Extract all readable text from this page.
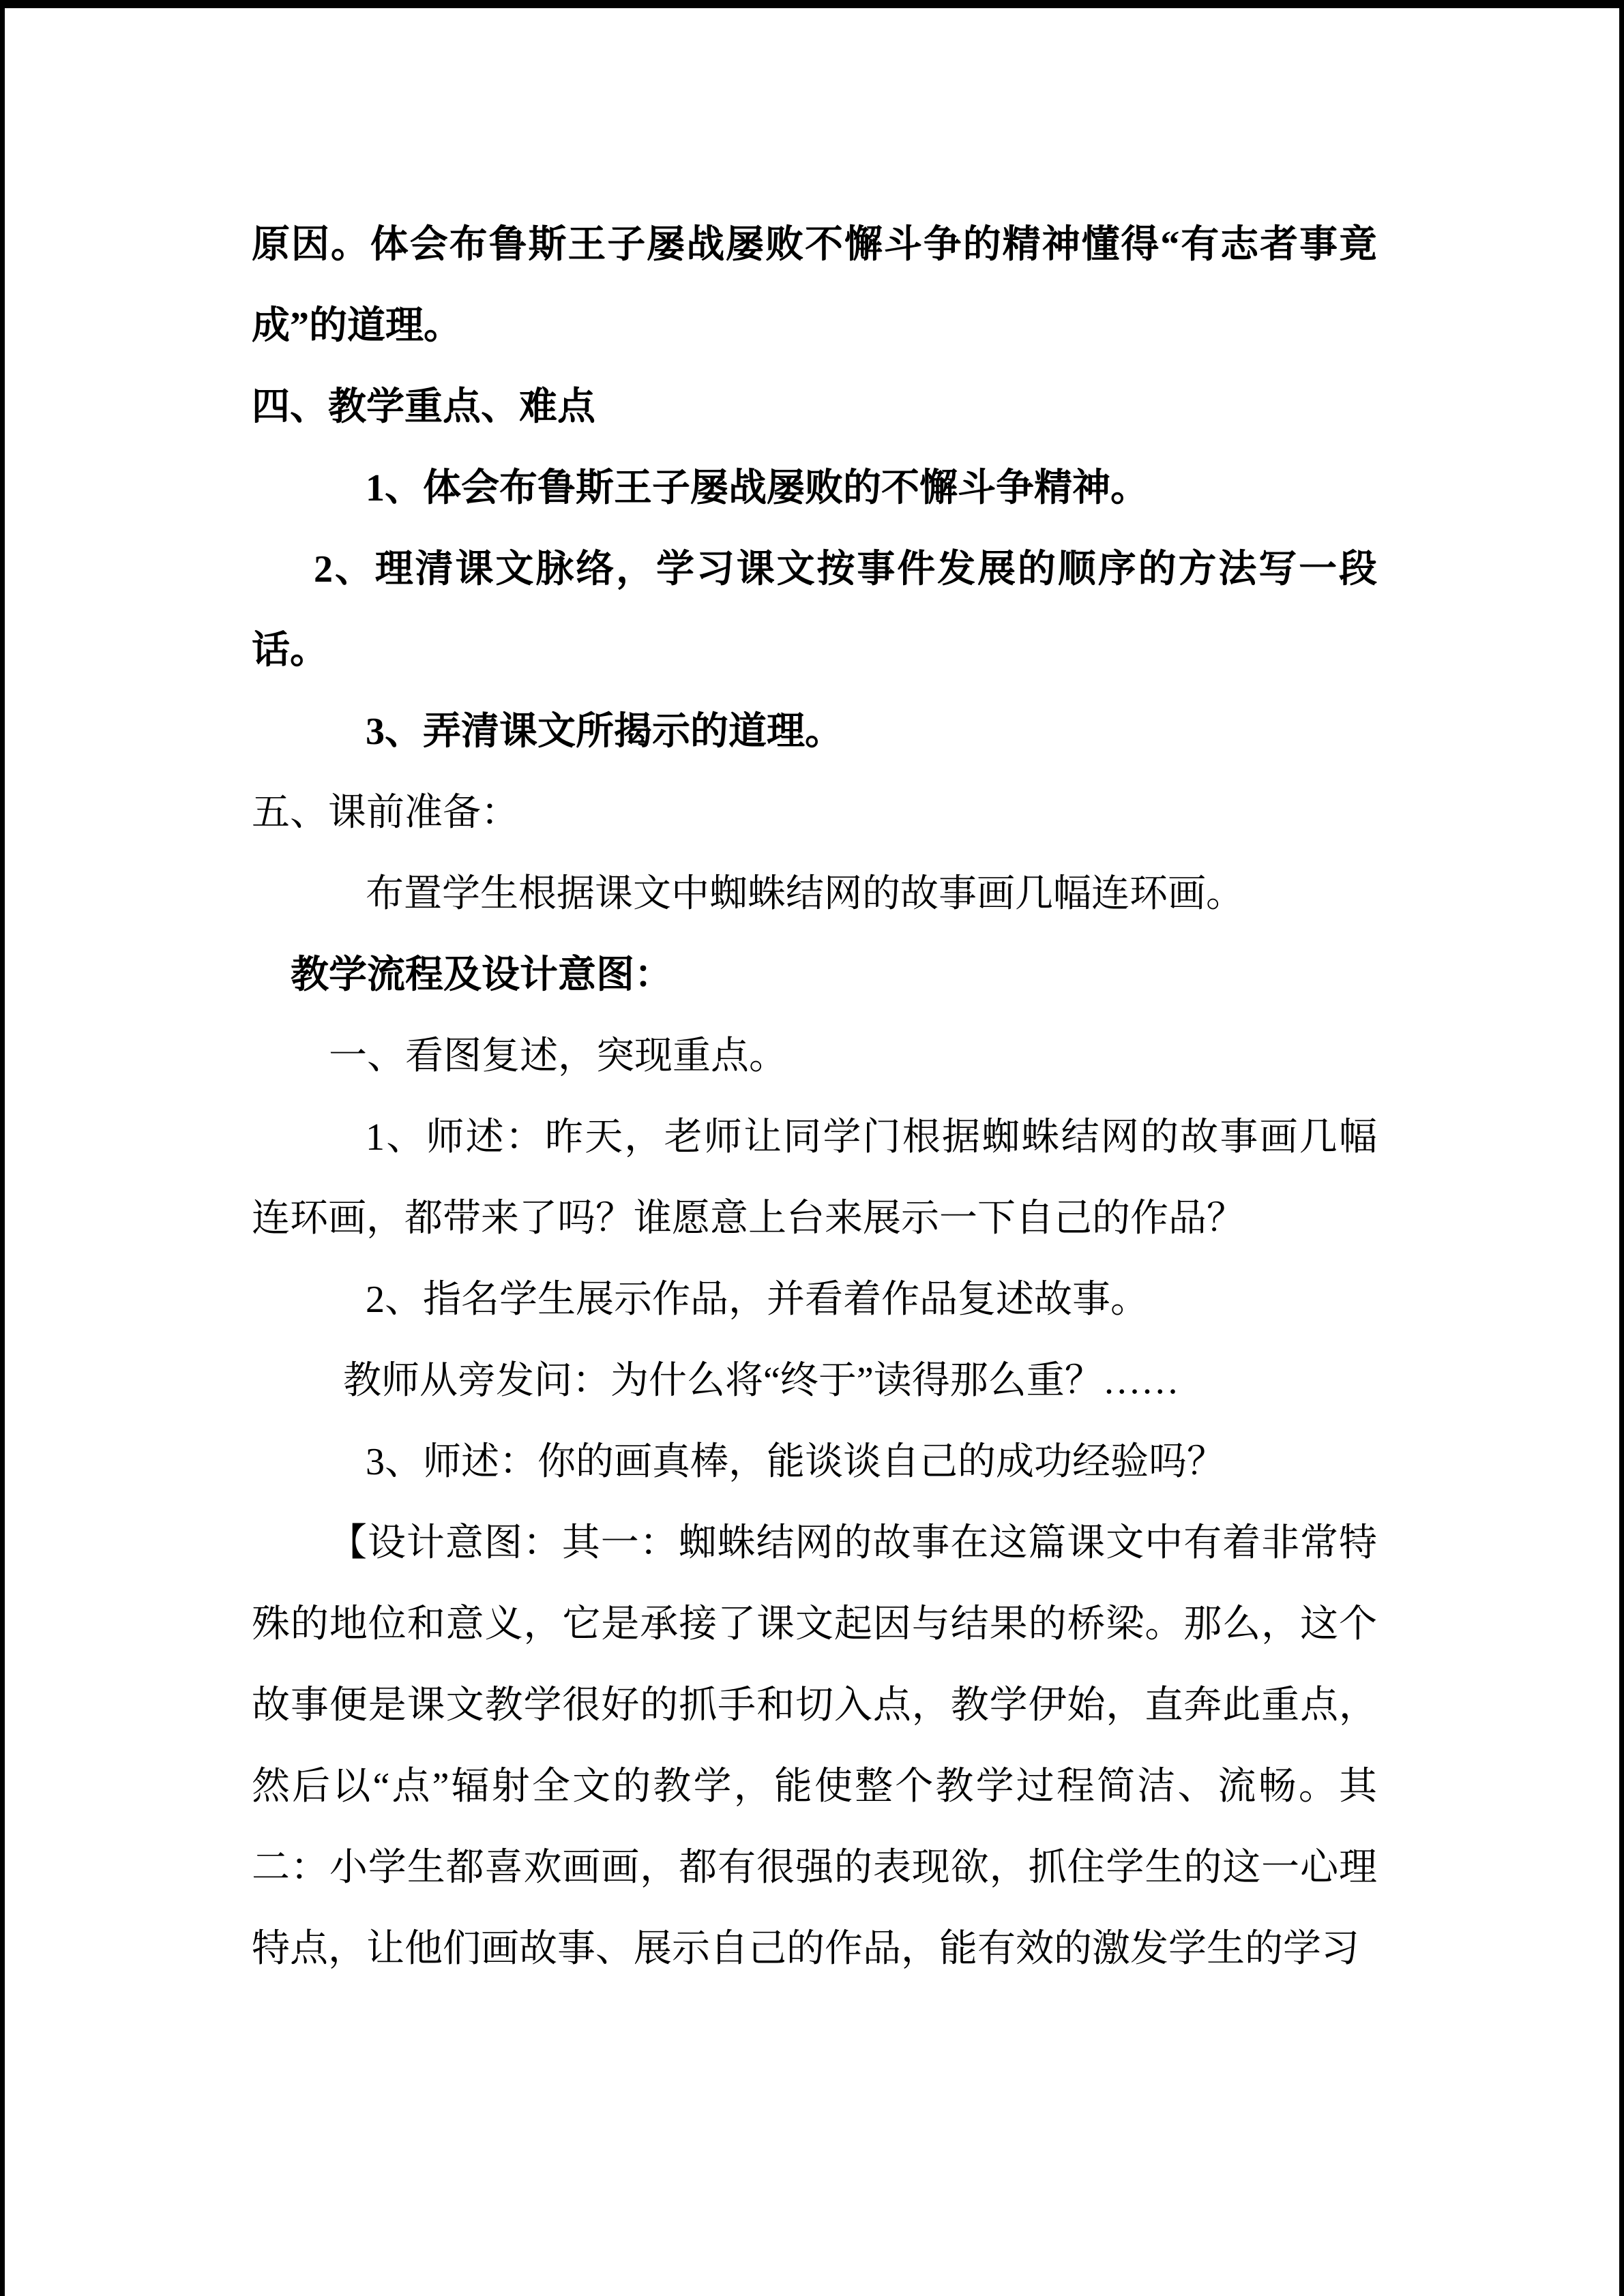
原因。体会布鲁斯王子屡战屡败不懈斗争的精神懂得“有志者事竟成”的道理。

四、教学重点、难点

1、体会布鲁斯王子屡战屡败的不懈斗争精神。

2、理清课文脉络，学习课文按事件发展的顺序的方法写一段话。

3、弄清课文所揭示的道理。

五、课前准备：

布置学生根据课文中蜘蛛结网的故事画几幅连环画。

教学流程及设计意图：

一、看图复述，突现重点。

1、师述：昨天，老师让同学门根据蜘蛛结网的故事画几幅连环画，都带来了吗？谁愿意上台来展示一下自己的作品？

2、指名学生展示作品，并看着作品复述故事。

教师从旁发问：为什么将“终于”读得那么重？……

3、师述：你的画真棒，能谈谈自己的成功经验吗？

【设计意图：其一：蜘蛛结网的故事在这篇课文中有着非常特殊的地位和意义，它是承接了课文起因与结果的桥梁。那么，这个故事便是课文教学很好的抓手和切入点，教学伊始，直奔此重点，然后以“点”辐射全文的教学，能使整个教学过程简洁、流畅。其二：小学生都喜欢画画，都有很强的表现欲，抓住学生的这一心理特点，让他们画故事、展示自己的作品，能有效的激发学生的学习
